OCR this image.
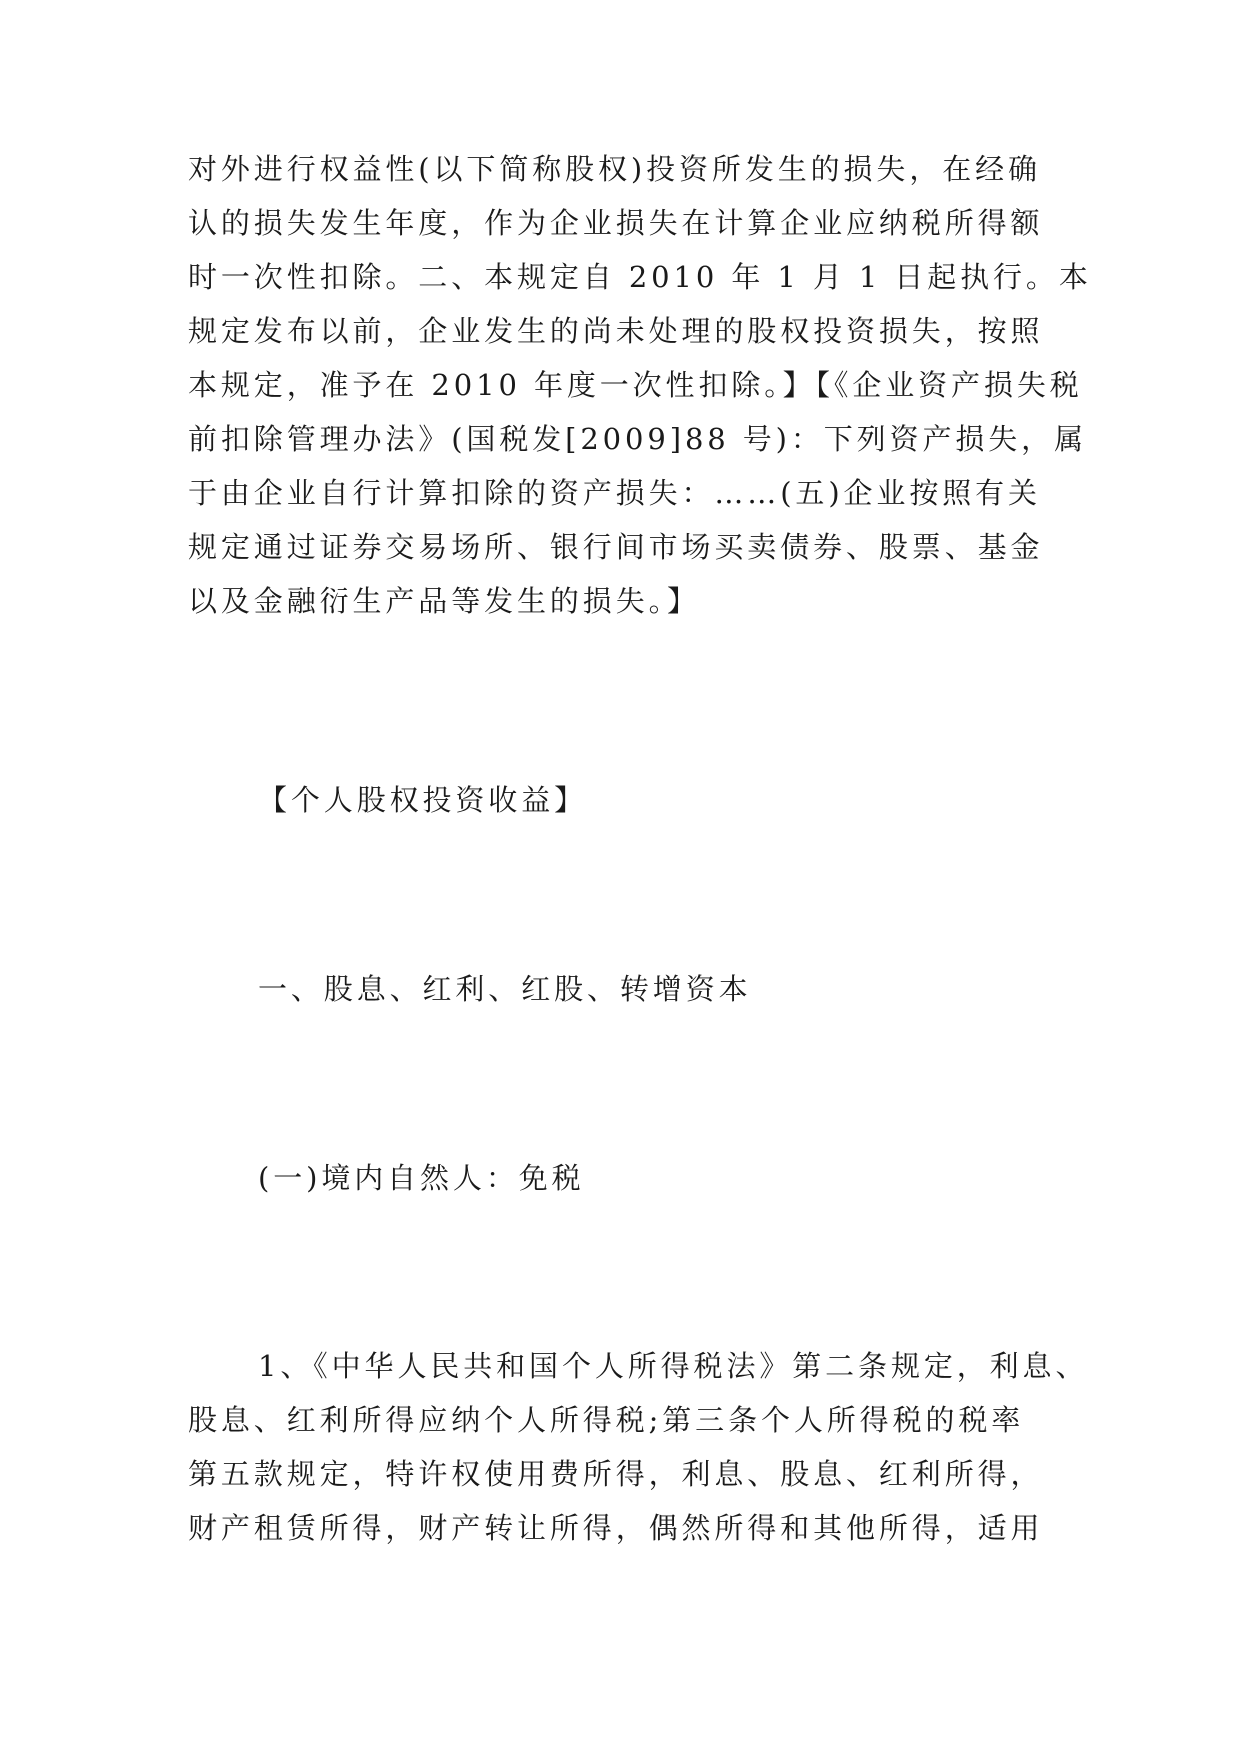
对外进行权益性(以下简称股权)投资所发生的损失，在经确
认的损失发生年度，作为企业损失在计算企业应纳税所得额
时一次性扣除。二、本规定自 2010 年 1 月 1 日起执行。本
规定发布以前，企业发生的尚未处理的股权投资损失，按照
本规定，准予在 2010 年度一次性扣除。】【《企业资产损失税
前扣除管理办法》(国税发[2009]88 号)：下列资产损失，属
于由企业自行计算扣除的资产损失：……(五)企业按照有关
规定通过证券交易场所、银行间市场买卖债券、股票、基金
以及金融衍生产品等发生的损失。】
【个人股权投资收益】
一、股息、红利、红股、转增资本
(一)境内自然人：免税
1、《中华人民共和国个人所得税法》第二条规定，利息、
股息、红利所得应纳个人所得税;第三条个人所得税的税率
第五款规定，特许权使用费所得，利息、股息、红利所得，
财产租赁所得，财产转让所得，偶然所得和其他所得，适用
